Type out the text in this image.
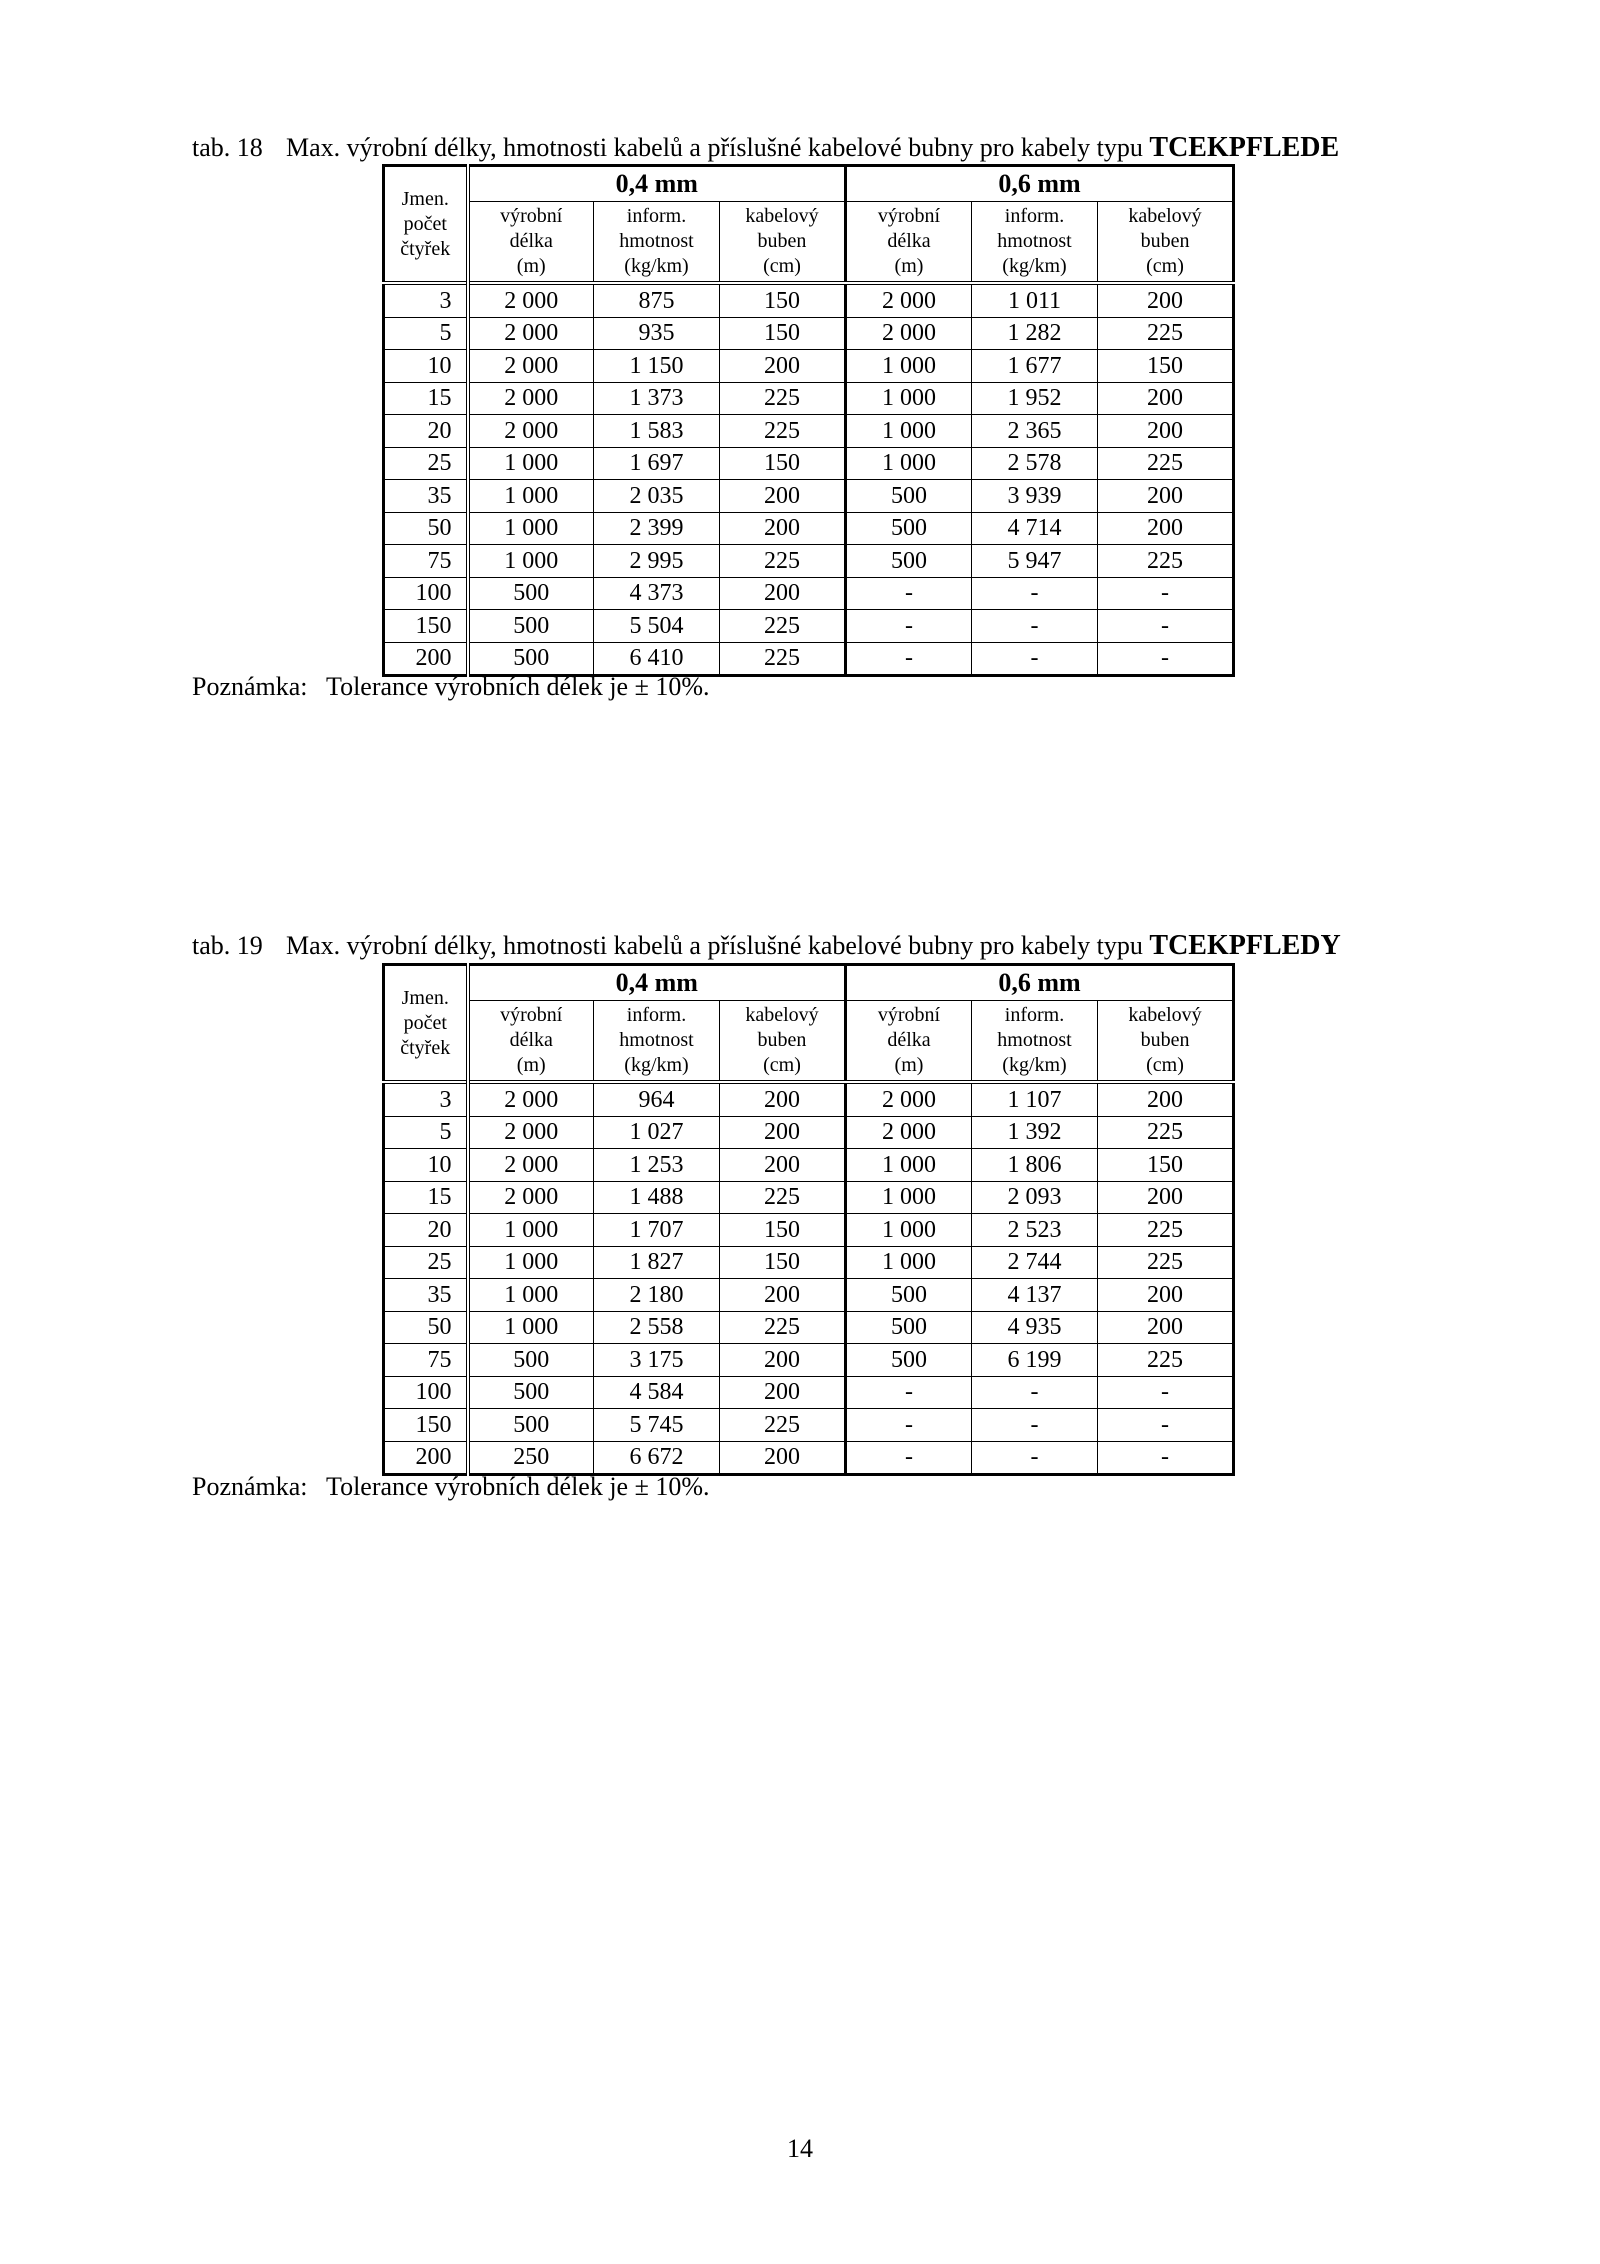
tab. 18 Max. výrobní délky, hmotnosti kabelů a příslušné kabelové bubny pro kabely typu TCEKPFLEDE
Jmen.
počet
čtyřek	0,4 mm			0,6 mm		
	výrobní
délka
(m)	inform.
hmotnost
(kg/km)	kabelový
buben
(cm)	výrobní
délka
(m)	inform.
hmotnost
(kg/km)	kabelový
buben
(cm)
3	2 000	875	150	2 000	1 011	200
5	2 000	935	150	2 000	1 282	225
10	2 000	1 150	200	1 000	1 677	150
15	2 000	1 373	225	1 000	1 952	200
20	2 000	1 583	225	1 000	2 365	200
25	1 000	1 697	150	1 000	2 578	225
35	1 000	2 035	200	500	3 939	200
50	1 000	2 399	200	500	4 714	200
75	1 000	2 995	225	500	5 947	225
100	500	4 373	200	-	-	-
150	500	5 504	225	-	-	-
200	500	6 410	225	-	-	-
Poznámka: Tolerance výrobních délek je ± 10%.
tab. 19 Max. výrobní délky, hmotnosti kabelů a příslušné kabelové bubny pro kabely typu TCEKPFLEDY
Jmen.
počet
čtyřek	0,4 mm			0,6 mm		
	výrobní
délka
(m)	inform.
hmotnost
(kg/km)	kabelový
buben
(cm)	výrobní
délka
(m)	inform.
hmotnost
(kg/km)	kabelový
buben
(cm)
3	2 000	964	200	2 000	1 107	200
5	2 000	1 027	200	2 000	1 392	225
10	2 000	1 253	200	1 000	1 806	150
15	2 000	1 488	225	1 000	2 093	200
20	1 000	1 707	150	1 000	2 523	225
25	1 000	1 827	150	1 000	2 744	225
35	1 000	2 180	200	500	4 137	200
50	1 000	2 558	225	500	4 935	200
75	500	3 175	200	500	6 199	225
100	500	4 584	200	-	-	-
150	500	5 745	225	-	-	-
200	250	6 672	200	-	-	-
Poznámka: Tolerance výrobních délek je ± 10%.
14
